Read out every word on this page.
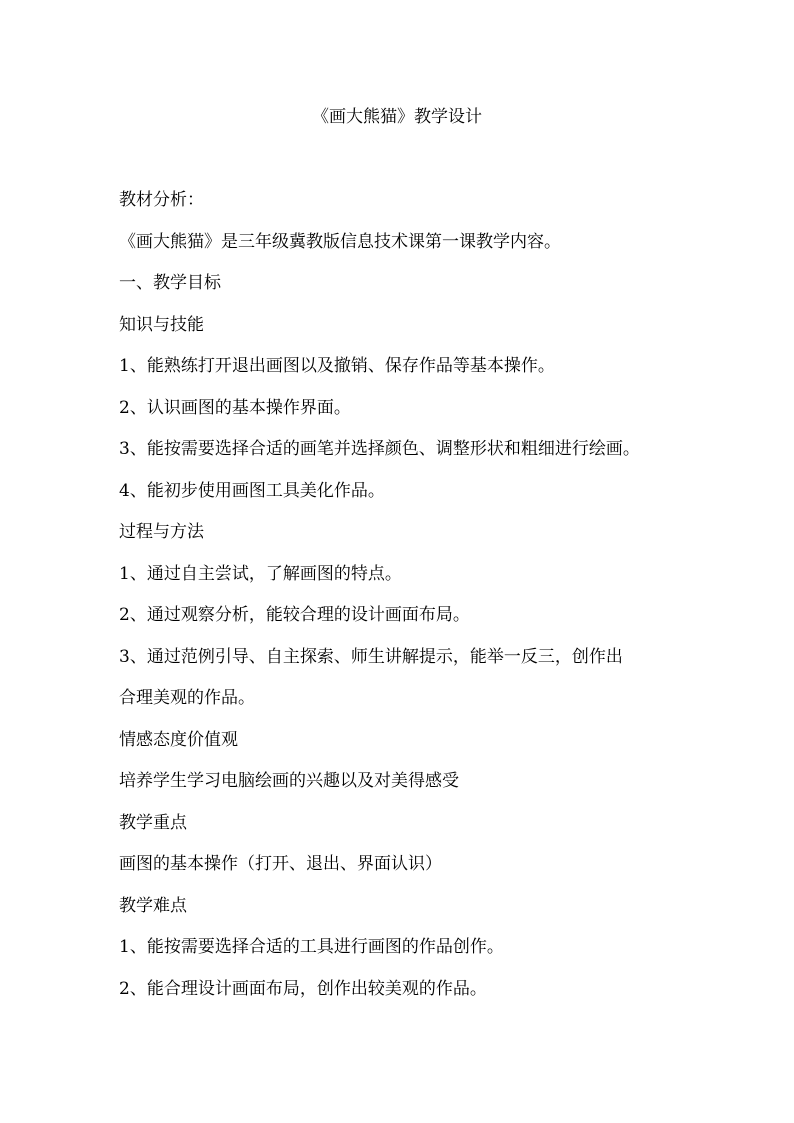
《画大熊猫》教学设计
教材分析：
《画大熊猫》是三年级冀教版信息技术课第一课教学内容。
一、教学目标
知识与技能
1、能熟练打开退出画图以及撤销、保存作品等基本操作。
2、认识画图的基本操作界面。
3、能按需要选择合适的画笔并选择颜色、调整形状和粗细进行绘画。
4、能初步使用画图工具美化作品。
过程与方法
1、通过自主尝试，了解画图的特点。
2、通过观察分析，能较合理的设计画面布局。
3、通过范例引导、自主探索、师生讲解提示，能举一反三，创作出
合理美观的作品。
情感态度价值观
培养学生学习电脑绘画的兴趣以及对美得感受
教学重点
画图的基本操作（打开、退出、界面认识）
教学难点
1、能按需要选择合适的工具进行画图的作品创作。
2、能合理设计画面布局，创作出较美观的作品。
